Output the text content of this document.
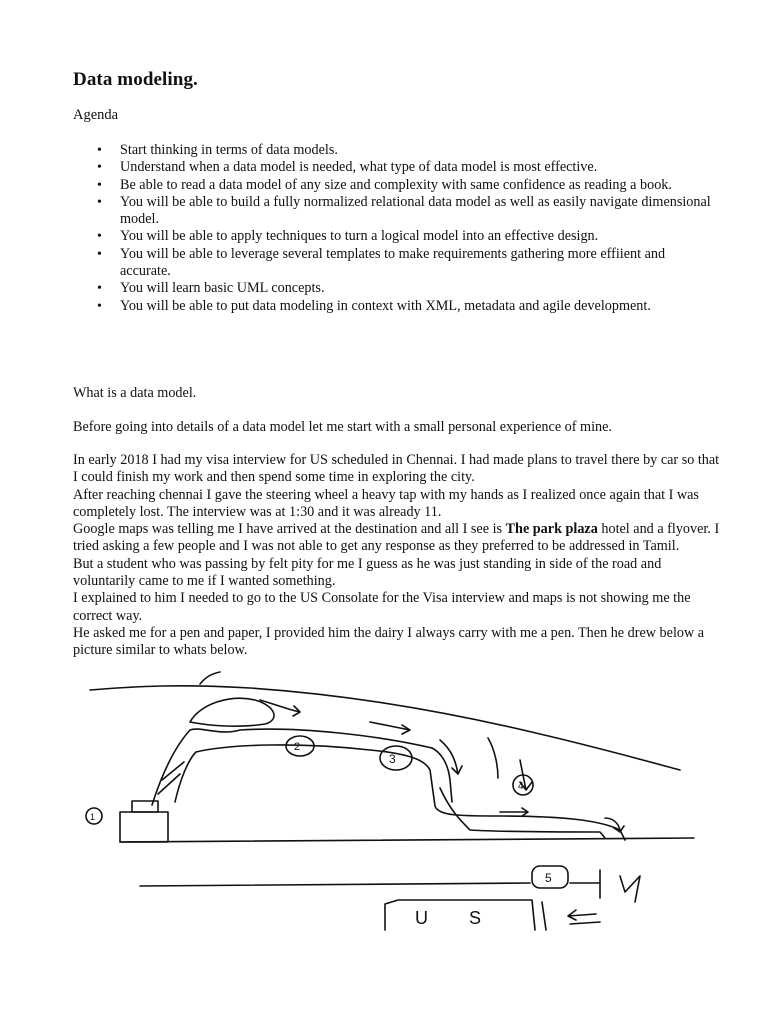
Data modeling.
Agenda
• Start thinking in terms of data models.
• Understand when a data model is needed, what type of data model is most effective.
• Be able to read a data model of any size and complexity with same confidence as reading a book.
• You will be able to build a fully normalized relational data model as well as easily navigate dimensional model.
• You will be able to apply techniques to turn a logical model into an effective design.
• You will be able to leverage several templates to make requirements gathering more effiient and accurate.
• You will learn basic UML concepts.
• You will be able to put data modeling in context with XML, metadata and agile development.

What is a data model.

Before going into details of a data model let me start with a small personal experience of mine.

In early 2018 I had my visa interview for US scheduled in Chennai. I had made plans to travel there by car so that I could finish my work and then spend some time in exploring the city.
After reaching chennai I gave the steering wheel a heavy tap with my hands as I realized once again that I was completely lost. The interview was at 1:30 and it was already 11.
Google maps was telling me I have arrived at the destination and all I see is The park plaza hotel and a flyover. I tried asking a few people and I was not able to get any response as they preferred to be addressed in Tamil.
But a student who was passing by felt pity for me I guess as he was just standing in side of the road and voluntarily came to me if I wanted something.
I explained to him I needed to go to the US Consolate for the Visa interview and maps is not showing me the correct way.
He asked me for a pen and paper, I provided him the dairy I always carry with me a pen. Then he drew below a picture similar to whats below.
1
2
3
4
5
U S
